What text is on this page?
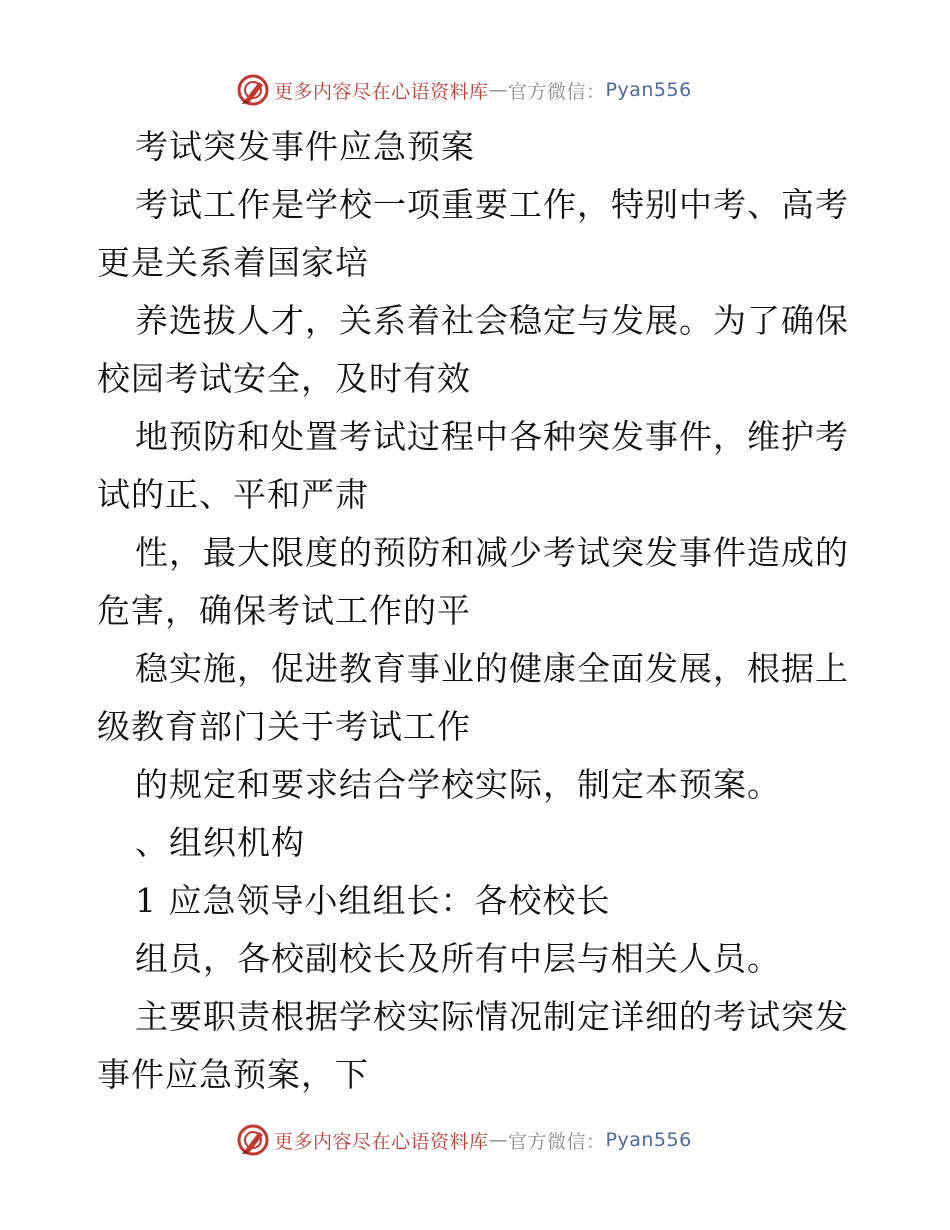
更多内容尽在心语资料库 — 官方微信： Pyan556
考试突发事件应急预案
考试工作是学校一项重要工作，特别中考、高考
更是关系着国家培
养选拔人才，关系着社会稳定与发展。为了确保
校园考试安全，及时有效
地预防和处置考试过程中各种突发事件，维护考
试的正、平和严肃
性，最大限度的预防和减少考试突发事件造成的
危害，确保考试工作的平
稳实施，促进教育事业的健康全面发展，根据上
级教育部门关于考试工作
的规定和要求结合学校实际，制定本预案。
、组织机构
1 应急领导小组组长：各校校长
组员，各校副校长及所有中层与相关人员。
主要职责根据学校实际情况制定详细的考试突发
事件应急预案，下
更多内容尽在心语资料库 — 官方微信： Pyan556
